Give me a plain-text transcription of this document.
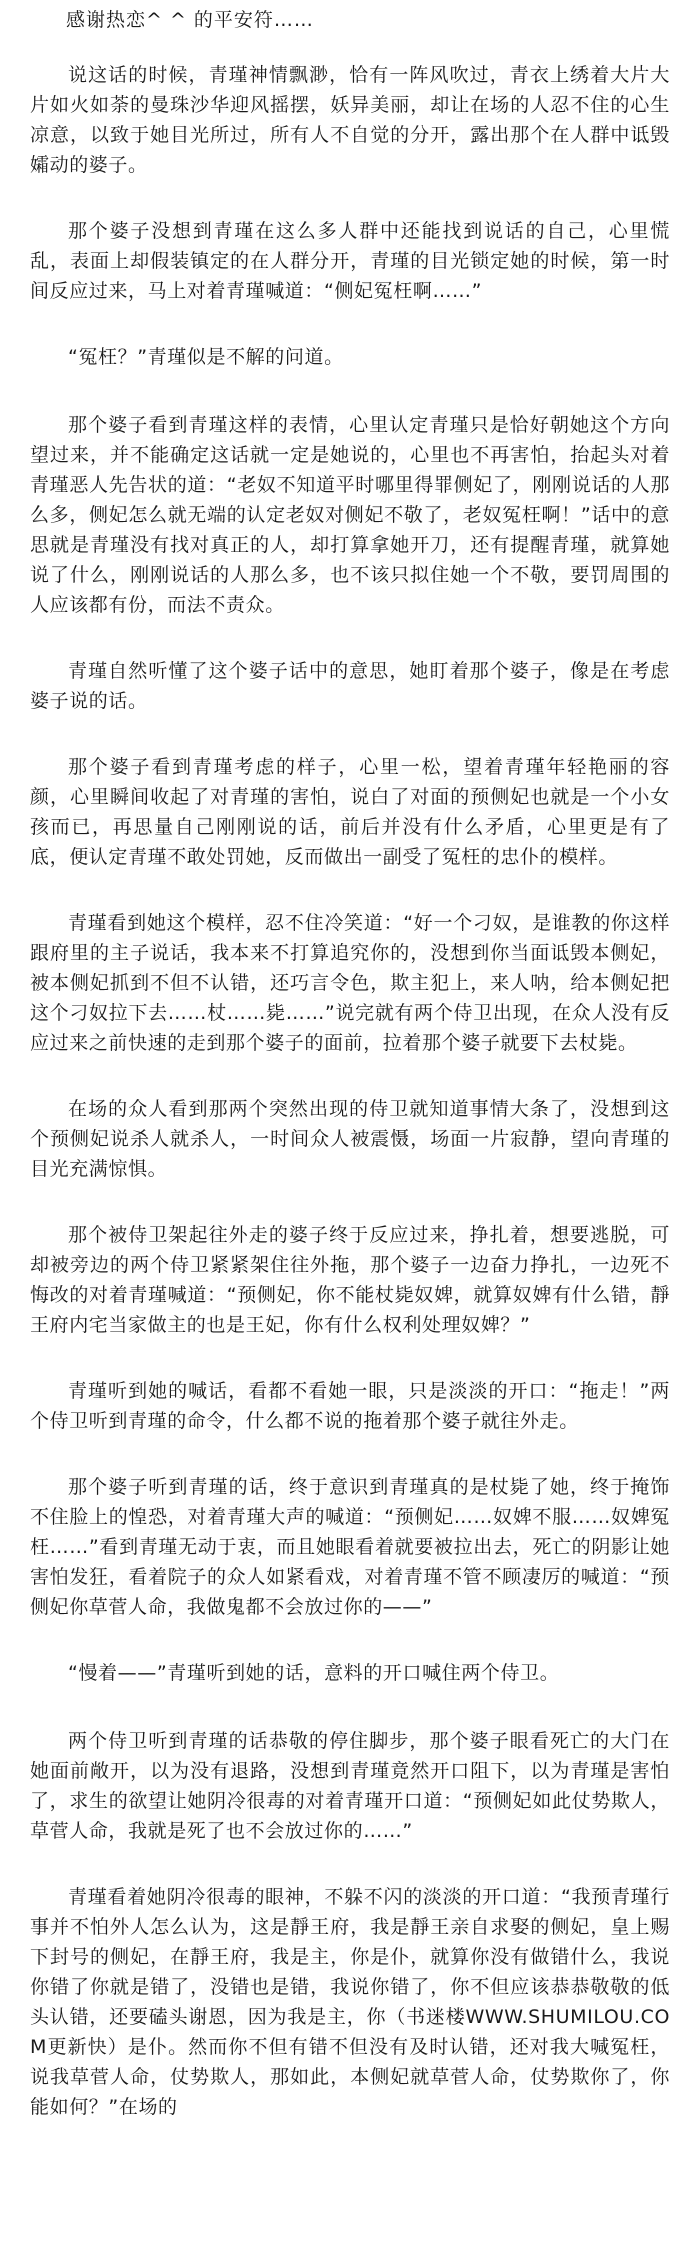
感谢热恋^ ^ 的平安符……

说这话的时候，青瑾神情飘渺，恰有一阵风吹过，青衣上绣着大片大片如火如荼的曼珠沙华迎风摇摆，妖异美丽，却让在场的人忍不住的心生凉意，以致于她目光所过，所有人不自觉的分开，露出那个在人群中诋毁孀动的婆子。

那个婆子没想到青瑾在这么多人群中还能找到说话的自己，心里慌乱，表面上却假装镇定的在人群分开，青瑾的目光锁定她的时候，第一时间反应过来，马上对着青瑾喊道：“侧妃冤枉啊……”

“冤枉？”青瑾似是不解的问道。

那个婆子看到青瑾这样的表情，心里认定青瑾只是恰好朝她这个方向望过来，并不能确定这话就一定是她说的，心里也不再害怕，抬起头对着青瑾恶人先告状的道：“老奴不知道平时哪里得罪侧妃了，刚刚说话的人那么多，侧妃怎么就无端的认定老奴对侧妃不敬了，老奴冤枉啊！”话中的意思就是青瑾没有找对真正的人，却打算拿她开刀，还有提醒青瑾，就算她说了什么，刚刚说话的人那么多，也不该只拟住她一个不敬，要罚周围的人应该都有份，而法不责众。

青瑾自然听懂了这个婆子话中的意思，她盯着那个婆子，像是在考虑婆子说的话。

那个婆子看到青瑾考虑的样子，心里一松，望着青瑾年轻艳丽的容颜，心里瞬间收起了对青瑾的害怕，说白了对面的预侧妃也就是一个小女孩而已，再思量自己刚刚说的话，前后并没有什么矛盾，心里更是有了底，便认定青瑾不敢处罚她，反而做出一副受了冤枉的忠仆的模样。

青瑾看到她这个模样，忍不住冷笑道：“好一个刁奴，是谁教的你这样跟府里的主子说话，我本来不打算追究你的，没想到你当面诋毁本侧妃，被本侧妃抓到不但不认错，还巧言令色，欺主犯上，来人呐，给本侧妃把这个刁奴拉下去……杖……毙……”说完就有两个侍卫出现，在众人没有反应过来之前快速的走到那个婆子的面前，拉着那个婆子就要下去杖毙。

在场的众人看到那两个突然出现的侍卫就知道事情大条了，没想到这个预侧妃说杀人就杀人，一时间众人被震慑，场面一片寂静，望向青瑾的目光充满惊惧。

那个被侍卫架起往外走的婆子终于反应过来，挣扎着，想要逃脱，可却被旁边的两个侍卫紧紧架住往外拖，那个婆子一边奋力挣扎，一边死不悔改的对着青瑾喊道：“预侧妃，你不能杖毙奴婢，就算奴婢有什么错，靜王府内宅当家做主的也是王妃，你有什么权利处理奴婢？”

青瑾听到她的喊话，看都不看她一眼，只是淡淡的开口：“拖走！”两个侍卫听到青瑾的命令，什么都不说的拖着那个婆子就往外走。

那个婆子听到青瑾的话，终于意识到青瑾真的是杖毙了她，终于掩饰不住脸上的惶恐，对着青瑾大声的喊道：“预侧妃……奴婢不服……奴婢冤枉……”看到青瑾无动于衷，而且她眼看着就要被拉出去，死亡的阴影让她害怕发狂，看着院子的众人如紧看戏，对着青瑾不管不顾凄厉的喊道：“预侧妃你草菅人命，我做鬼都不会放过你的——”

“慢着——”青瑾听到她的话，意料的开口喊住两个侍卫。

两个侍卫听到青瑾的话恭敬的停住脚步，那个婆子眼看死亡的大门在她面前敞开，以为没有退路，没想到青瑾竟然开口阻下，以为青瑾是害怕了，求生的欲望让她阴冷很毒的对着青瑾开口道：“预侧妃如此仗势欺人，草菅人命，我就是死了也不会放过你的……”

青瑾看着她阴冷很毒的眼神，不躲不闪的淡淡的开口道：“我预青瑾行事并不怕外人怎么认为，这是靜王府，我是靜王亲自求娶的侧妃，皇上赐下封号的侧妃，在靜王府，我是主，你是仆，就算你没有做错什么，我说你错了你就是错了，没错也是错，我说你错了，你不但应该恭恭敬敬的低头认错，还要磕头谢恩，因为我是主，你（书迷楼WWW.SHUMILOU.COM更新快）是仆。然而你不但有错不但没有及时认错，还对我大喊冤枉，说我草菅人命，仗势欺人，那如此，本侧妃就草菅人命，仗势欺你了，你能如何？”在场的
